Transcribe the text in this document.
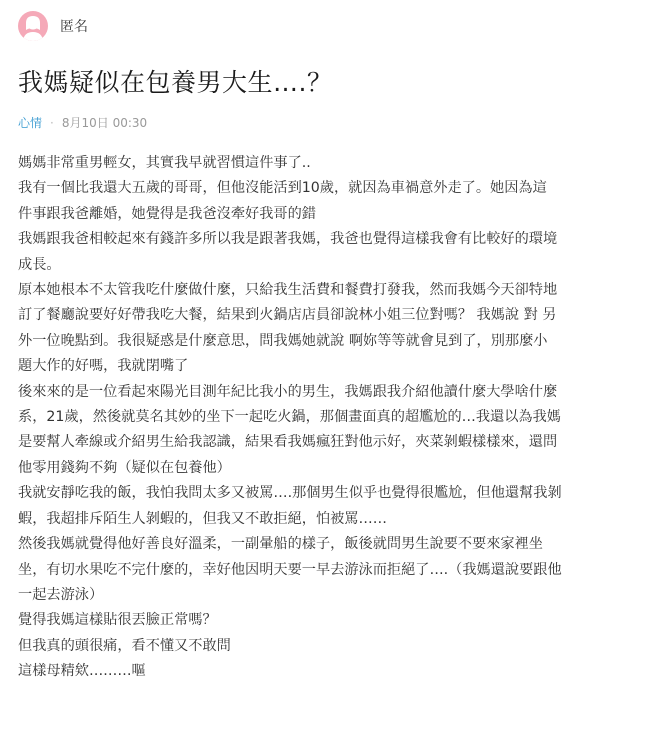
匿名
我媽疑似在包養男大生….？
心情 · 8月10日 00:30

媽媽非常重男輕女，其實我早就習慣這件事了..

我有一個比我還大五歲的哥哥，但他沒能活到10歲，就因為車禍意外走了。她因為這

件事跟我爸離婚，她覺得是我爸沒牽好我哥的錯

我媽跟我爸相較起來有錢許多所以我是跟著我媽，我爸也覺得這樣我會有比較好的環境

成長。

原本她根本不太管我吃什麼做什麼，只給我生活費和餐費打發我，然而我媽今天卻特地

訂了餐廳說要好好帶我吃大餐，結果到火鍋店店員卻說林小姐三位對嗎？ 我媽說 對 另

外一位晚點到。我很疑惑是什麼意思，問我媽她就說 啊妳等等就會見到了，別那麼小

題大作的好嗎，我就閉嘴了

後來來的是一位看起來陽光目測年紀比我小的男生，我媽跟我介紹他讀什麼大學啥什麼

系，21歲，然後就莫名其妙的坐下一起吃火鍋，那個畫面真的超尷尬的…我還以為我媽

是要幫人牽線或介紹男生給我認識，結果看我媽瘋狂對他示好，夾菜剝蝦樣樣來，還問

他零用錢夠不夠（疑似在包養他）

我就安靜吃我的飯，我怕我問太多又被罵….那個男生似乎也覺得很尷尬，但他還幫我剝

蝦，我超排斥陌生人剝蝦的，但我又不敢拒絕，怕被罵……

然後我媽就覺得他好善良好溫柔，一副暈船的樣子，飯後就問男生說要不要來家裡坐

坐，有切水果吃不完什麼的，幸好他因明天要一早去游泳而拒絕了….（我媽還說要跟他

一起去游泳）

覺得我媽這樣貼很丟臉正常嗎？

但我真的頭很痛，看不懂又不敢問

這樣母精欸………嘔
